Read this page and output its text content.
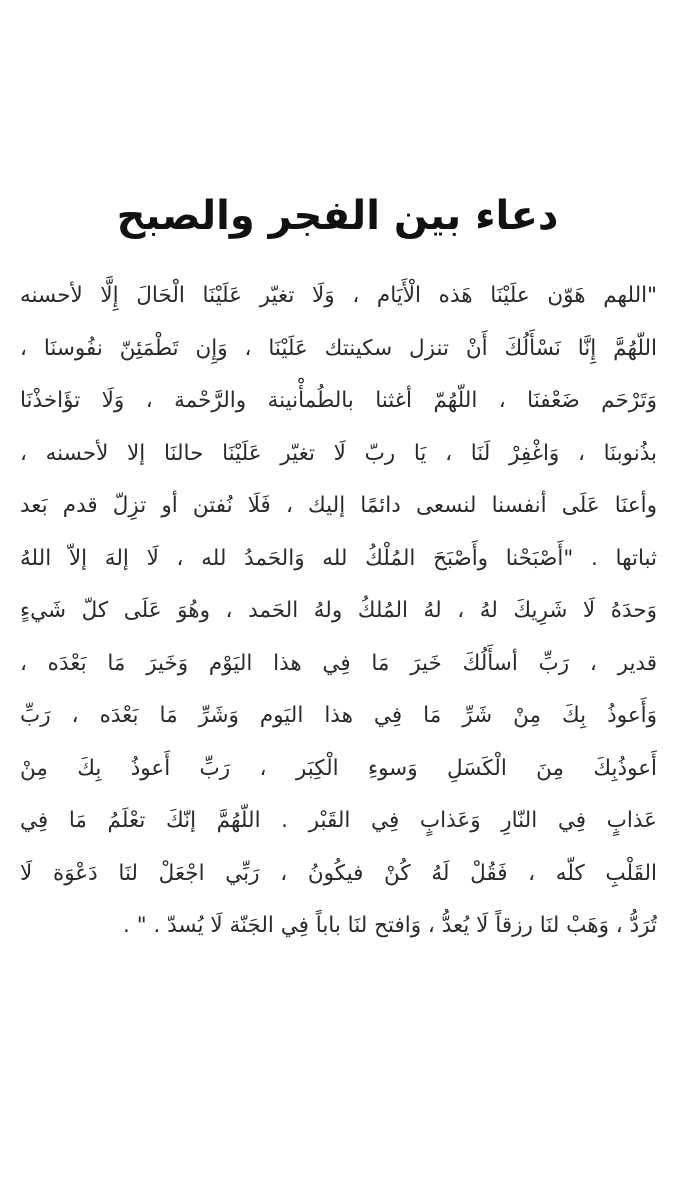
دعاء بين الفجر والصبح
"اللهم هَوّن علَيْنَا هَذه الْأَيَام ، وَلَا تغيّر عَلَيْنَا الْحَالَ إِلَّا لأحسنه
اللّهُمَّ إِنَّا نَسْأَلُكَ أَنْ تنزل سكينتك عَلَيْنَا ، وَإِن تَطْمَئِنّ نفُوسنَا ،
وَتَرْحَم ضَعْفنَا ، اللّهُمّ أغثنا بالطُمأْنينة والرَّحْمة ، وَلَا تؤَاخذْنَا
بذُنوبنَا ، وَاغْفِرْ لَنَا ، يَا ربّ لَا تغيّر عَلَيْنَا حالنَا إلا لأحسنه ،
وأعنَا عَلَى أنفسنا لنسعى دائمًا إليك ، فَلَا نُفتن أو تزِلّ قدم بَعد
ثباتها . "أَصْبَحْنا وأَصْبَحَ المُلْكُ لله وَالحَمدُ لله ، لَا إلهَ إلاّ اللهُ
وَحدَهُ لَا شَرِيكَ لهُ ، لهُ المُلكُ ولهُ الحَمد ، وهُوَ عَلَى كلّ شَيءٍ
قدير ، رَبِّ أسأَلُكَ خَيرَ مَا فِي هذا اليَوْم وَخَيرَ مَا بَعْدَه ،
وَأَعوذُ بِكَ مِنْ شَرِّ مَا فِي هذا اليَوم وَشَرِّ مَا بَعْدَه ، رَبِّ
أَعوذُبِكَ مِنَ الْكَسَلِ وَسوءِ الْكِبَر ، رَبِّ أَعوذُ بِكَ مِنْ
عَذابٍ فِي النّارِ وَعَذابٍ فِي القَبْر . اللّهُمَّ إنّكَ تعْلَمُ مَا فِي
القَلْبِ كلّه ، فَقُلْ لَهُ كُنْ فيكُونُ ، رَبِّي اجْعَلْ لنَا دَعْوَة لَا
تُرَدُّ ، وَهَبْ لنَا رزقاً لَا يُعدُّ ، وَافتح لنَا باباً فِي الجَنّة لَا يُسدّ . " .
